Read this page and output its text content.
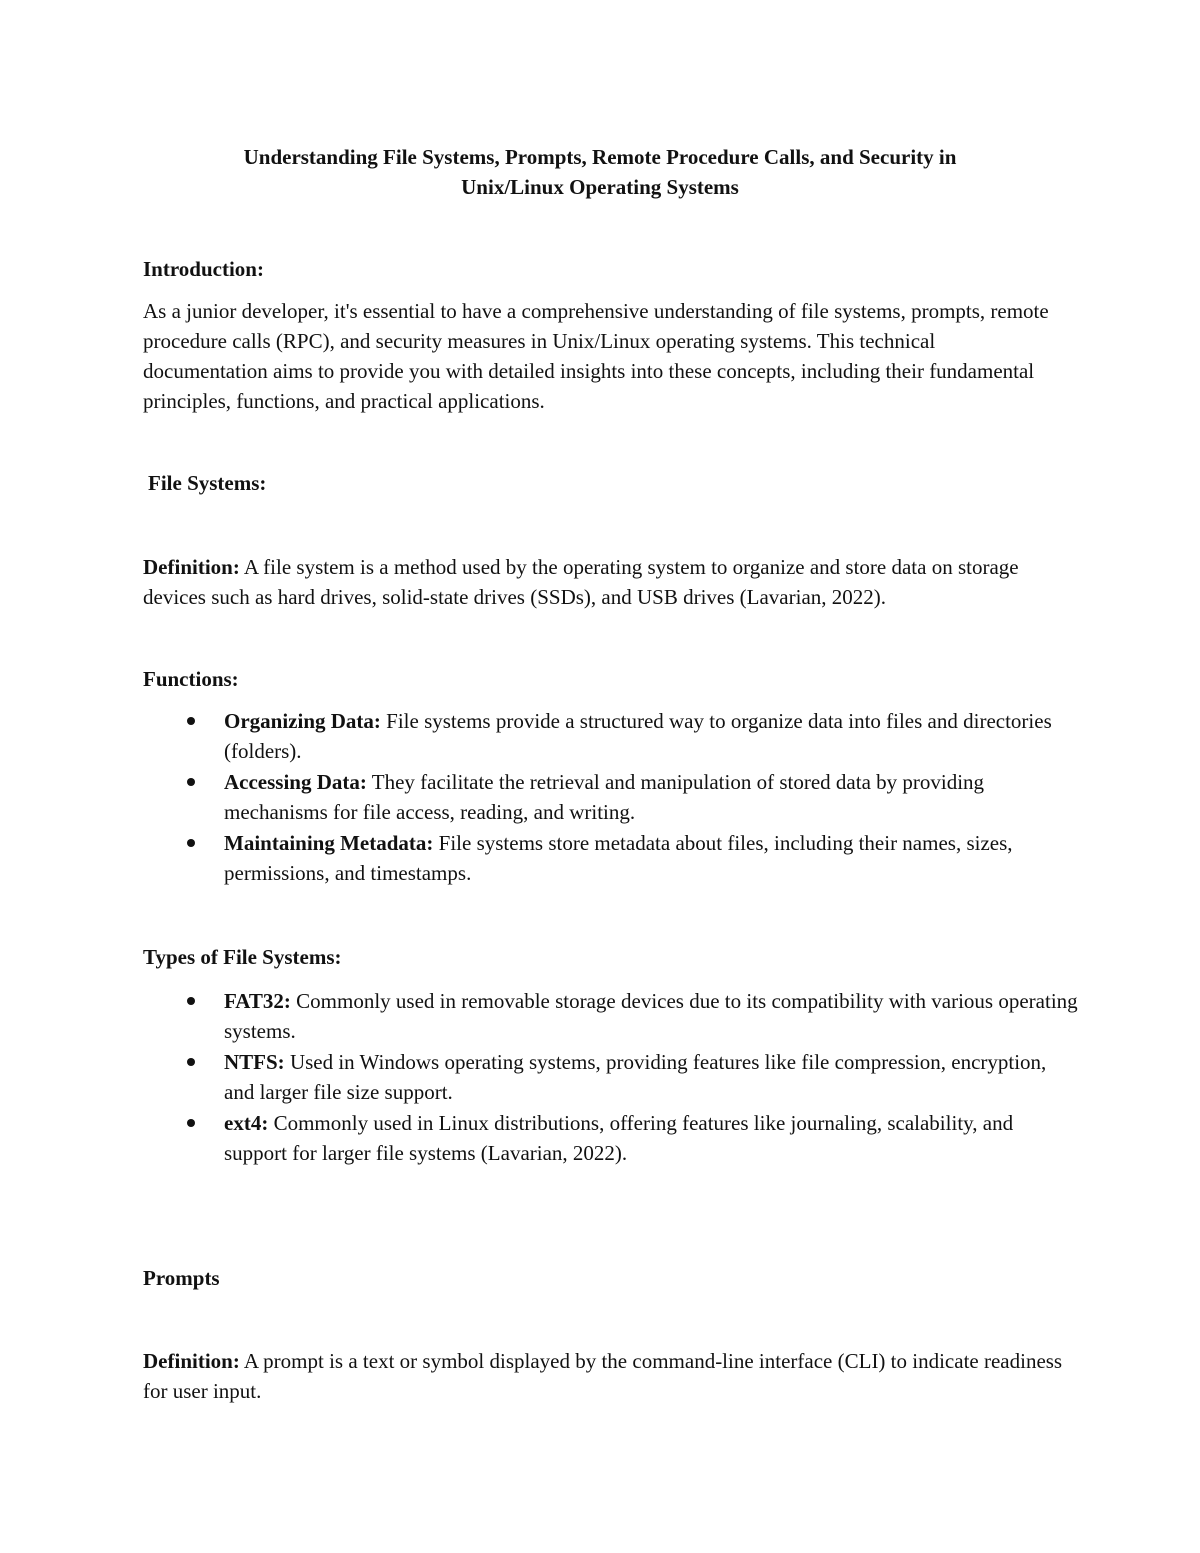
Understanding File Systems, Prompts, Remote Procedure Calls, and Security in
Unix/Linux Operating Systems
Introduction:

As a junior developer, it's essential to have a comprehensive understanding of file systems, prompts, remote procedure calls (RPC), and security measures in Unix/Linux operating systems. This technical documentation aims to provide you with detailed insights into these concepts, including their fundamental principles, functions, and practical applications.

File Systems:

Definition: A file system is a method used by the operating system to organize and store data on storage devices such as hard drives, solid-state drives (SSDs), and USB drives (Lavarian, 2022).

Functions:
Organizing Data: File systems provide a structured way to organize data into files and directories (folders).
Accessing Data: They facilitate the retrieval and manipulation of stored data by providing mechanisms for file access, reading, and writing.
Maintaining Metadata: File systems store metadata about files, including their names, sizes, permissions, and timestamps.
Types of File Systems:
FAT32: Commonly used in removable storage devices due to its compatibility with various operating systems.
NTFS: Used in Windows operating systems, providing features like file compression, encryption, and larger file size support.
ext4: Commonly used in Linux distributions, offering features like journaling, scalability, and support for larger file systems (Lavarian, 2022).
Prompts

Definition: A prompt is a text or symbol displayed by the command-line interface (CLI) to indicate readiness for user input.
